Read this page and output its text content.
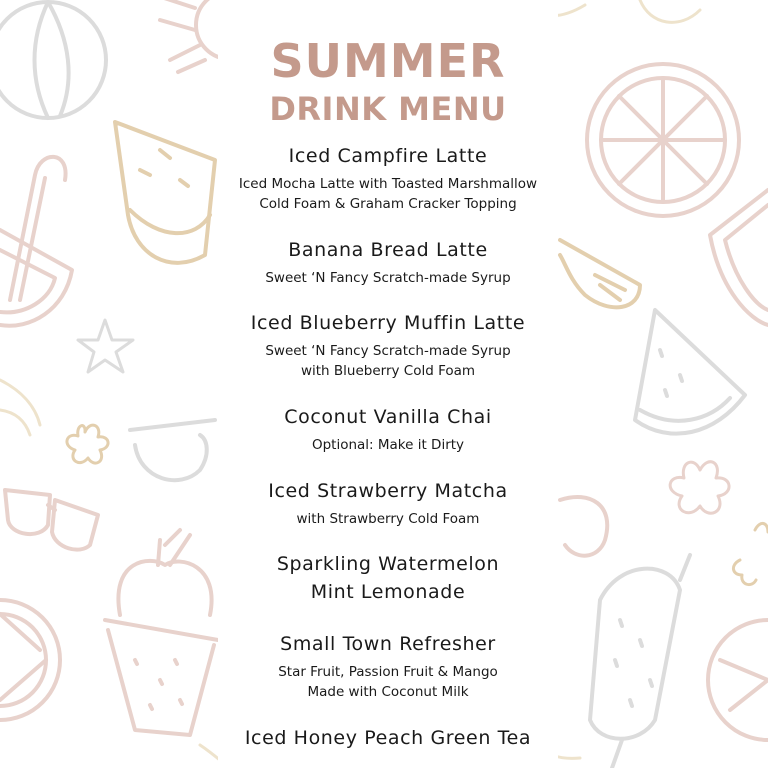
SUMMER
DRINK MENU
Iced Campfire Latte
Iced Mocha Latte with Toasted Marshmallow
Cold Foam & Graham Cracker Topping
Banana Bread Latte
Sweet ‘N Fancy Scratch-made Syrup
Iced Blueberry Muffin Latte
Sweet ‘N Fancy Scratch-made Syrup
with Blueberry Cold Foam
Coconut Vanilla Chai
Optional: Make it Dirty
Iced Strawberry Matcha
with Strawberry Cold Foam
Sparkling Watermelon
Mint Lemonade
Small Town Refresher
Star Fruit, Passion Fruit & Mango
Made with Coconut Milk
Iced Honey Peach Green Tea
